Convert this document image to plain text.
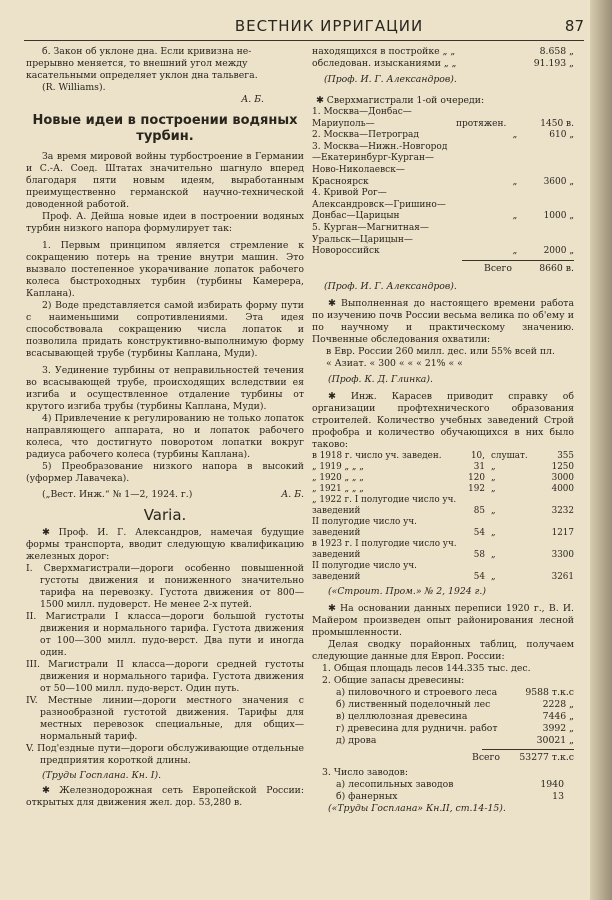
ВЕСТНИК ИРРИГАЦИИ	87

б. Закон об уклоне дна. Если кривизна не-

прерывно меняется, то внешний угол между

касательными определяет уклон дна тальвега.

(R. Williams).

А. Б.

Новые идеи в построении водяных турбин.

За время мировой войны турбостроение в Германии и С.-А. Соед. Штатах значительно шагнуло вперед благодаря пяти новым идеям, выработанным преимущественно германской научно-технической доводенной работой.

Проф. А. Дейша новые идеи в построении водяных турбин низкого напора формулирует так:

1. Первым принципом является стремление к сокращению потерь на трение внутри машин. Это вызвало постепенное укорачивание лопаток рабочего колеса быстроходных турбин (турбины Камерера, Каплана).

2) Воде представляется самой избирать форму пути с наименьшими сопротивлениями. Эта идея способствовала сокращению числа лопаток и позволила придать конструктивно-выполнимую форму всасывающей трубе (турбины Каплана, Муди).

3. Уединение турбины от неправильностей течения во всасывающей трубе, происходящих вследствии ея изгиба и осуществленное отдаление турбины от крутого изгиба трубы (турбины Каплана, Муди).

4) Привлечение к регулированию не только лопаток направляющего аппарата, но и лопаток рабочего колеса, что достигнуто поворотом лопатки вокруг радиуса рабочего колеса (турбины Каплана).

5) Преобразование низкого напора в высокий (уформер Лавачека).

(„Вест. Инж.“ № 1—2, 1924. г.)	А. Б.
Varia.

✱ Проф. И. Г. Александров, намечая будущие формы транспорта, вводит следующую квалификацию железных дорог:

I. Сверхмагистрали—дороги особенно повышенной густоты движения и пониженного значительно тарифа на перевозку. Густота движения от 800—1500 милл. пудоверст. Не менее 2-х путей.

II. Магистрали I класса—дороги большой густоты движения и нормального тарифа. Густота движения от 100—300 милл. пудо-верст. Два пути и иногда один.

III. Магистрали II класса—дороги средней густоты движения и нормального тарифа. Густота движения от 50—100 милл. пудо-верст. Один путь.

IV. Местные линии—дороги местного значения с разнообразной густотой движения. Тарифы для местных перевозок специальные, для общих—нормальный тариф.

V. Под'ездные пути—дороги обслуживающие отдельные предприятия короткой длины.

(Труды Госплана. Кн. I).

✱ Железнодорожная сеть Европейской России: открытых для движения жел. дор. 53,280 в.

находящихся в постройке „ „	8.658 „
обследован. изысканиями „ „	91.193 „

(Проф. И. Г. Александров).

✱ Сверхмагистрали 1-ой очереди:

1. Москва—Донбас—Мариуполь—	протяжен.	1450 в.
2. Москва—Петроград	„	610 „
3. Москва—Нижн.-Новгород—Екатеринбург-Курган—Ново-Николаевск—Красноярск	„	3600 „
4. Кривой Рог—Александровск—Гришино—Донбас—Царицын	„	1000 „
5. Курган—Магнитная—Уральск—Царицын—Новороссийск	„	2000 „
Всего	8660 в.

(Проф. И. Г. Александров).

✱ Выполненная до настоящего времени работа по изучению почв России весьма велика по об'ему и по научному и практическому значению. Почвенные обследования охватили:

в Евр. России 260 милл. дес. или 55% всей пл.

« Азиат. « 300 « « « 21% « «

(Проф. К. Д. Глинка).

✱ Инж. Карасев приводит справку об организации профтехнического образования строителей. Количество учебных заведений Строй профобра и количество обучающихся в них было таково:

в 1918 г. число уч. заведен.	10,	слушат.	355
„ 1919 „ „ „	31	„	1250
„ 1920 „ „ „	120	„	3000
„ 1921 „ „ „	192	„	4000
„ 1922 г. I полугодие число уч. заведений	85	„	3232
II полугодие число уч. заведений	54	„	1217
в 1923 г. I полугодие число уч. заведений	58	„	3300
II полугодие число уч. заведений	54	„	3261

(«Строит. Пром.» № 2, 1924 г.)

✱ На основании данных переписи 1920 г., В. И. Майером произведен опыт районирования лесной промышленности.

Делая сводку порайонных таблиц, получаем следующие данные для Европ. России:

1. Общая площадь лесов 144.335 тыс. дес.

2. Общие запасы древесины:

а) пиловочного и строевого леса	9588 т.к.с
б) лиственный поделочный лес	2228 „
в) целлюлозная древесина	7446 „
г) древесина для рудничн. работ	3992 „
д) дрова	30021 „
Всего	53277 т.к.с

3. Число заводов:

а) лесопильных заводов	1940
б) фанерных	13

(«Труды Госплана» Кн.II, ст.14-15).
